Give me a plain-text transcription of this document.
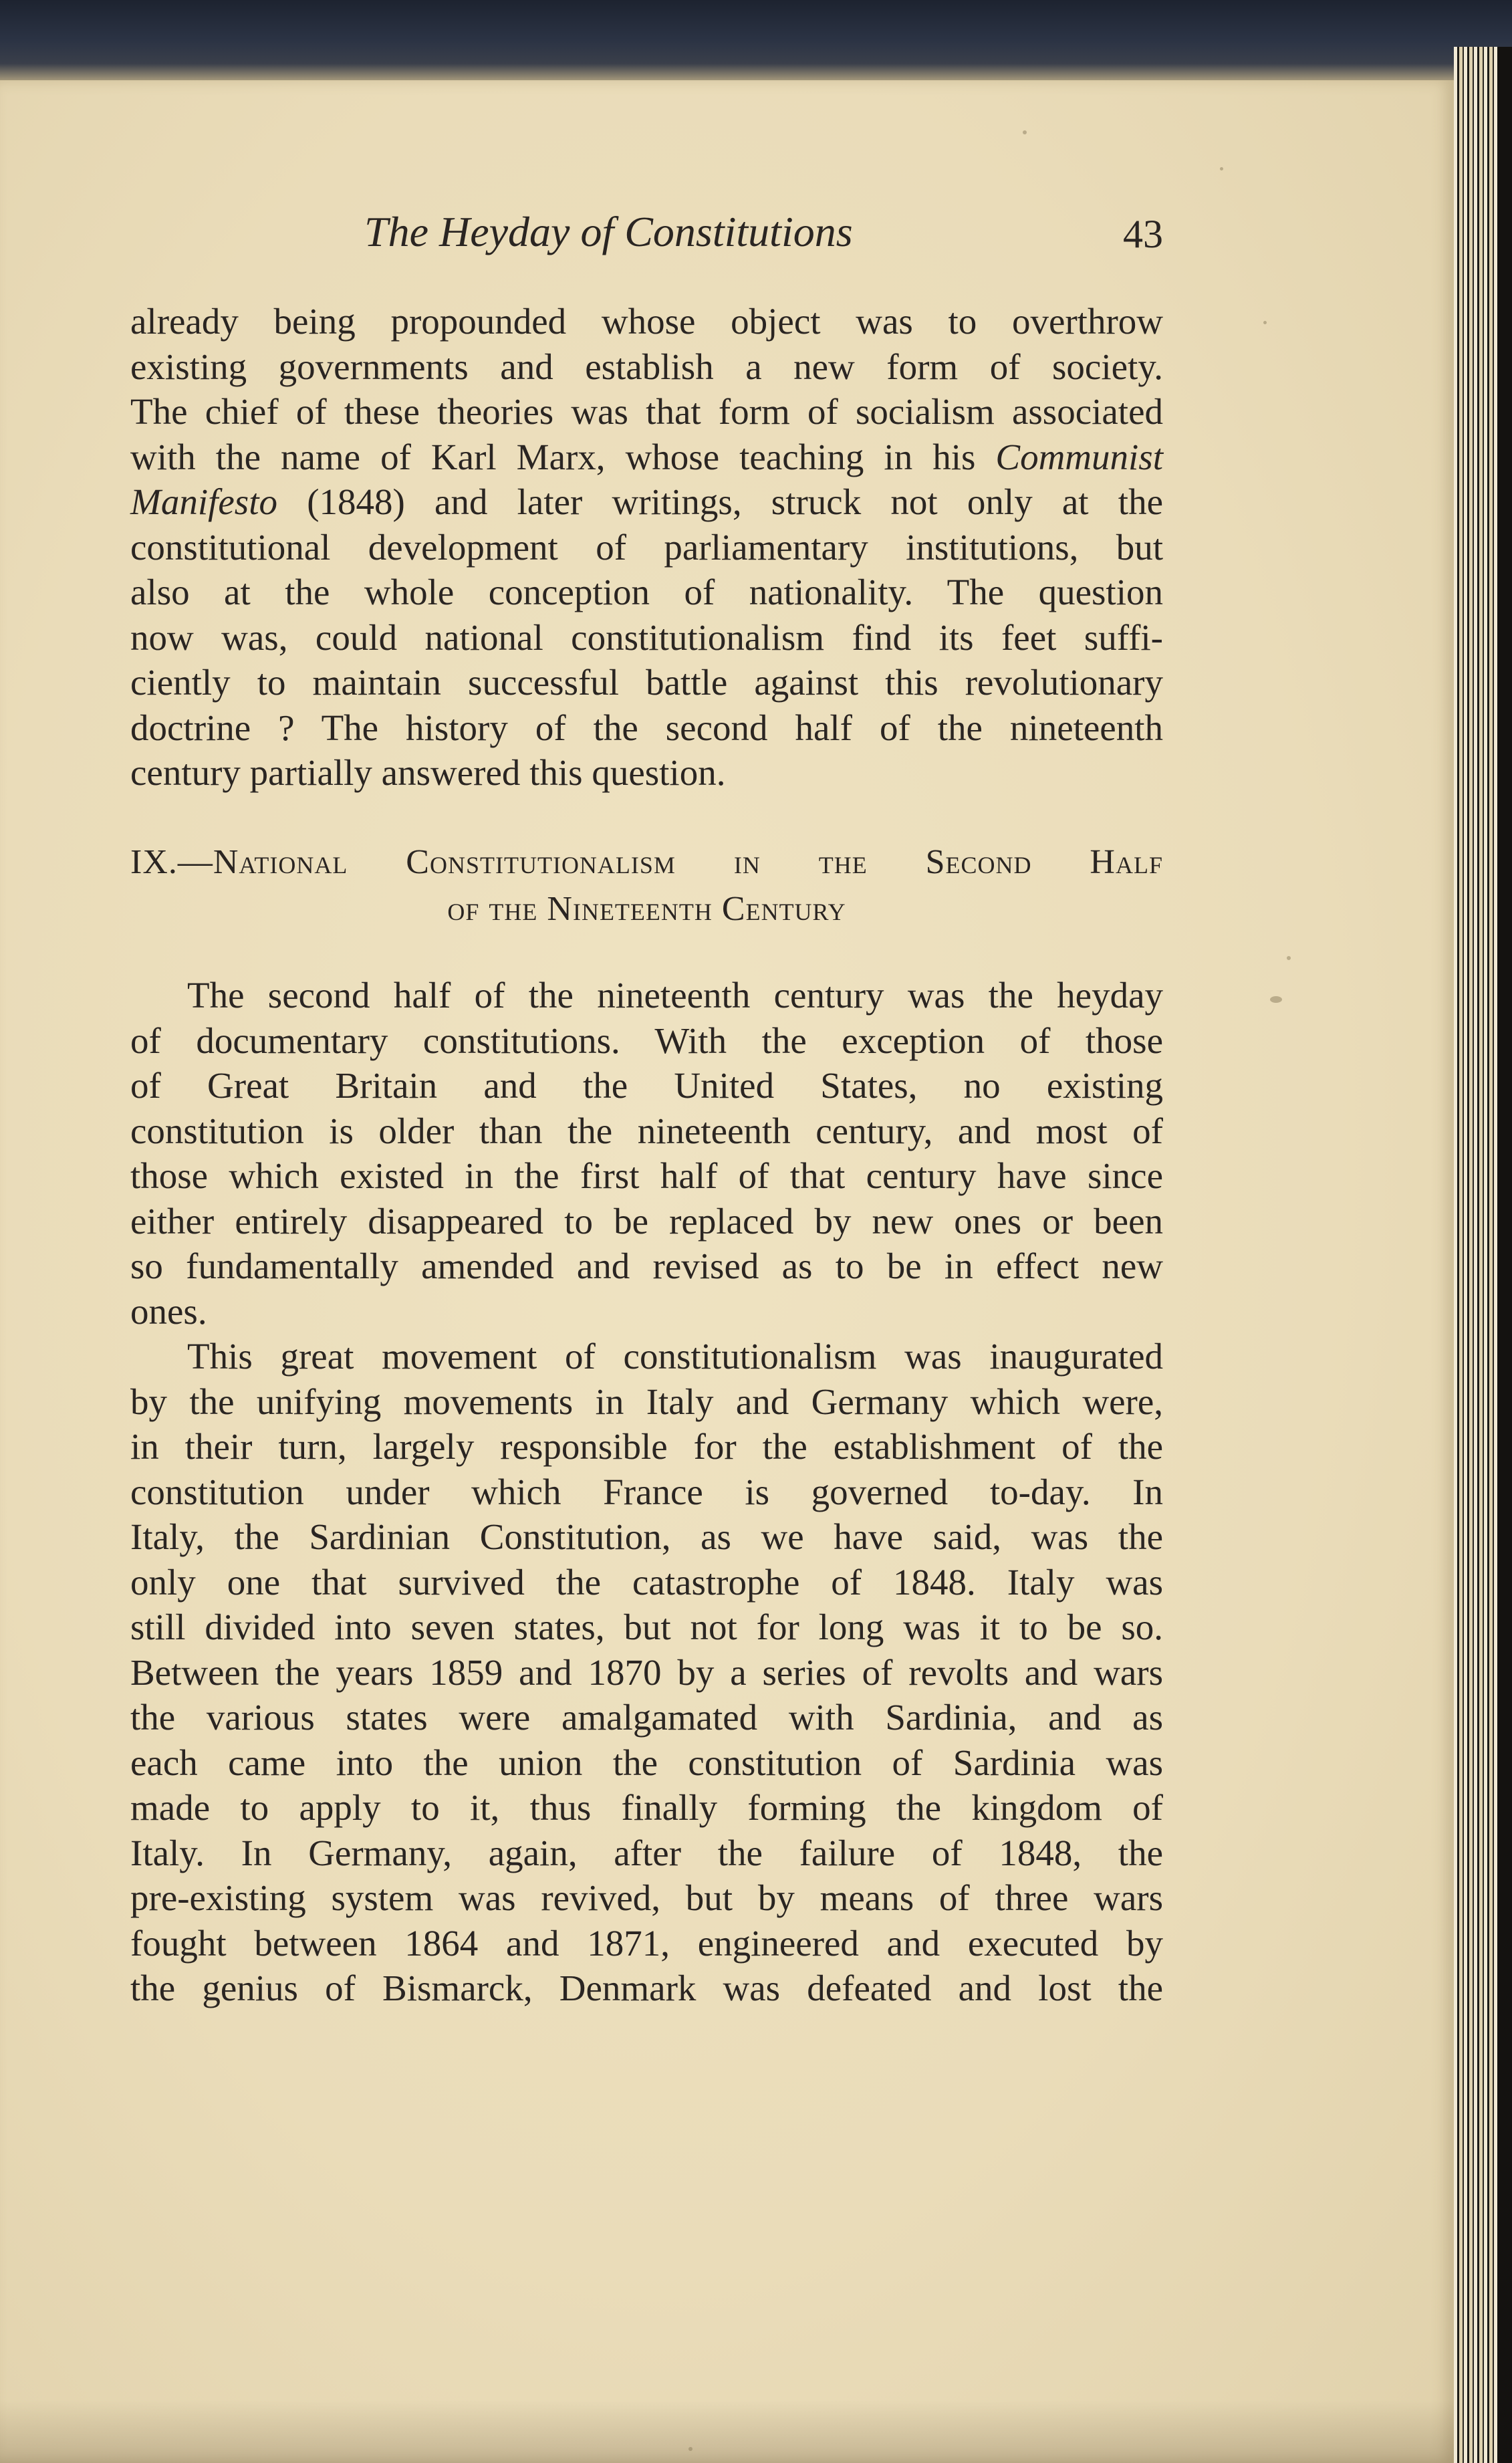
The Heyday of Constitutions	43
already being propounded whose object was to overthrow
existing governments and establish a new form of society.
The chief of these theories was that form of socialism associated
with the name of Karl Marx, whose teaching in his Communist
Manifesto (1848) and later writings, struck not only at the
constitutional development of parliamentary institutions, but
also at the whole conception of nationality. The question
now was, could national constitutionalism find its feet suffi-
ciently to maintain successful battle against this revolutionary
doctrine ? The history of the second half of the nineteenth
century partially answered this question.
IX.—National Constitutionalism in the Second Half
of the Nineteenth Century
The second half of the nineteenth century was the heyday
of documentary constitutions. With the exception of those
of Great Britain and the United States, no existing
constitution is older than the nineteenth century, and most of
those which existed in the first half of that century have since
either entirely disappeared to be replaced by new ones or been
so fundamentally amended and revised as to be in effect new
ones.
This great movement of constitutionalism was inaugurated
by the unifying movements in Italy and Germany which were,
in their turn, largely responsible for the establishment of the
constitution under which France is governed to-day. In
Italy, the Sardinian Constitution, as we have said, was the
only one that survived the catastrophe of 1848. Italy was
still divided into seven states, but not for long was it to be so.
Between the years 1859 and 1870 by a series of revolts and wars
the various states were amalgamated with Sardinia, and as
each came into the union the constitution of Sardinia was
made to apply to it, thus finally forming the kingdom of
Italy. In Germany, again, after the failure of 1848, the
pre-existing system was revived, but by means of three wars
fought between 1864 and 1871, engineered and executed by
the genius of Bismarck, Denmark was defeated and lost the
